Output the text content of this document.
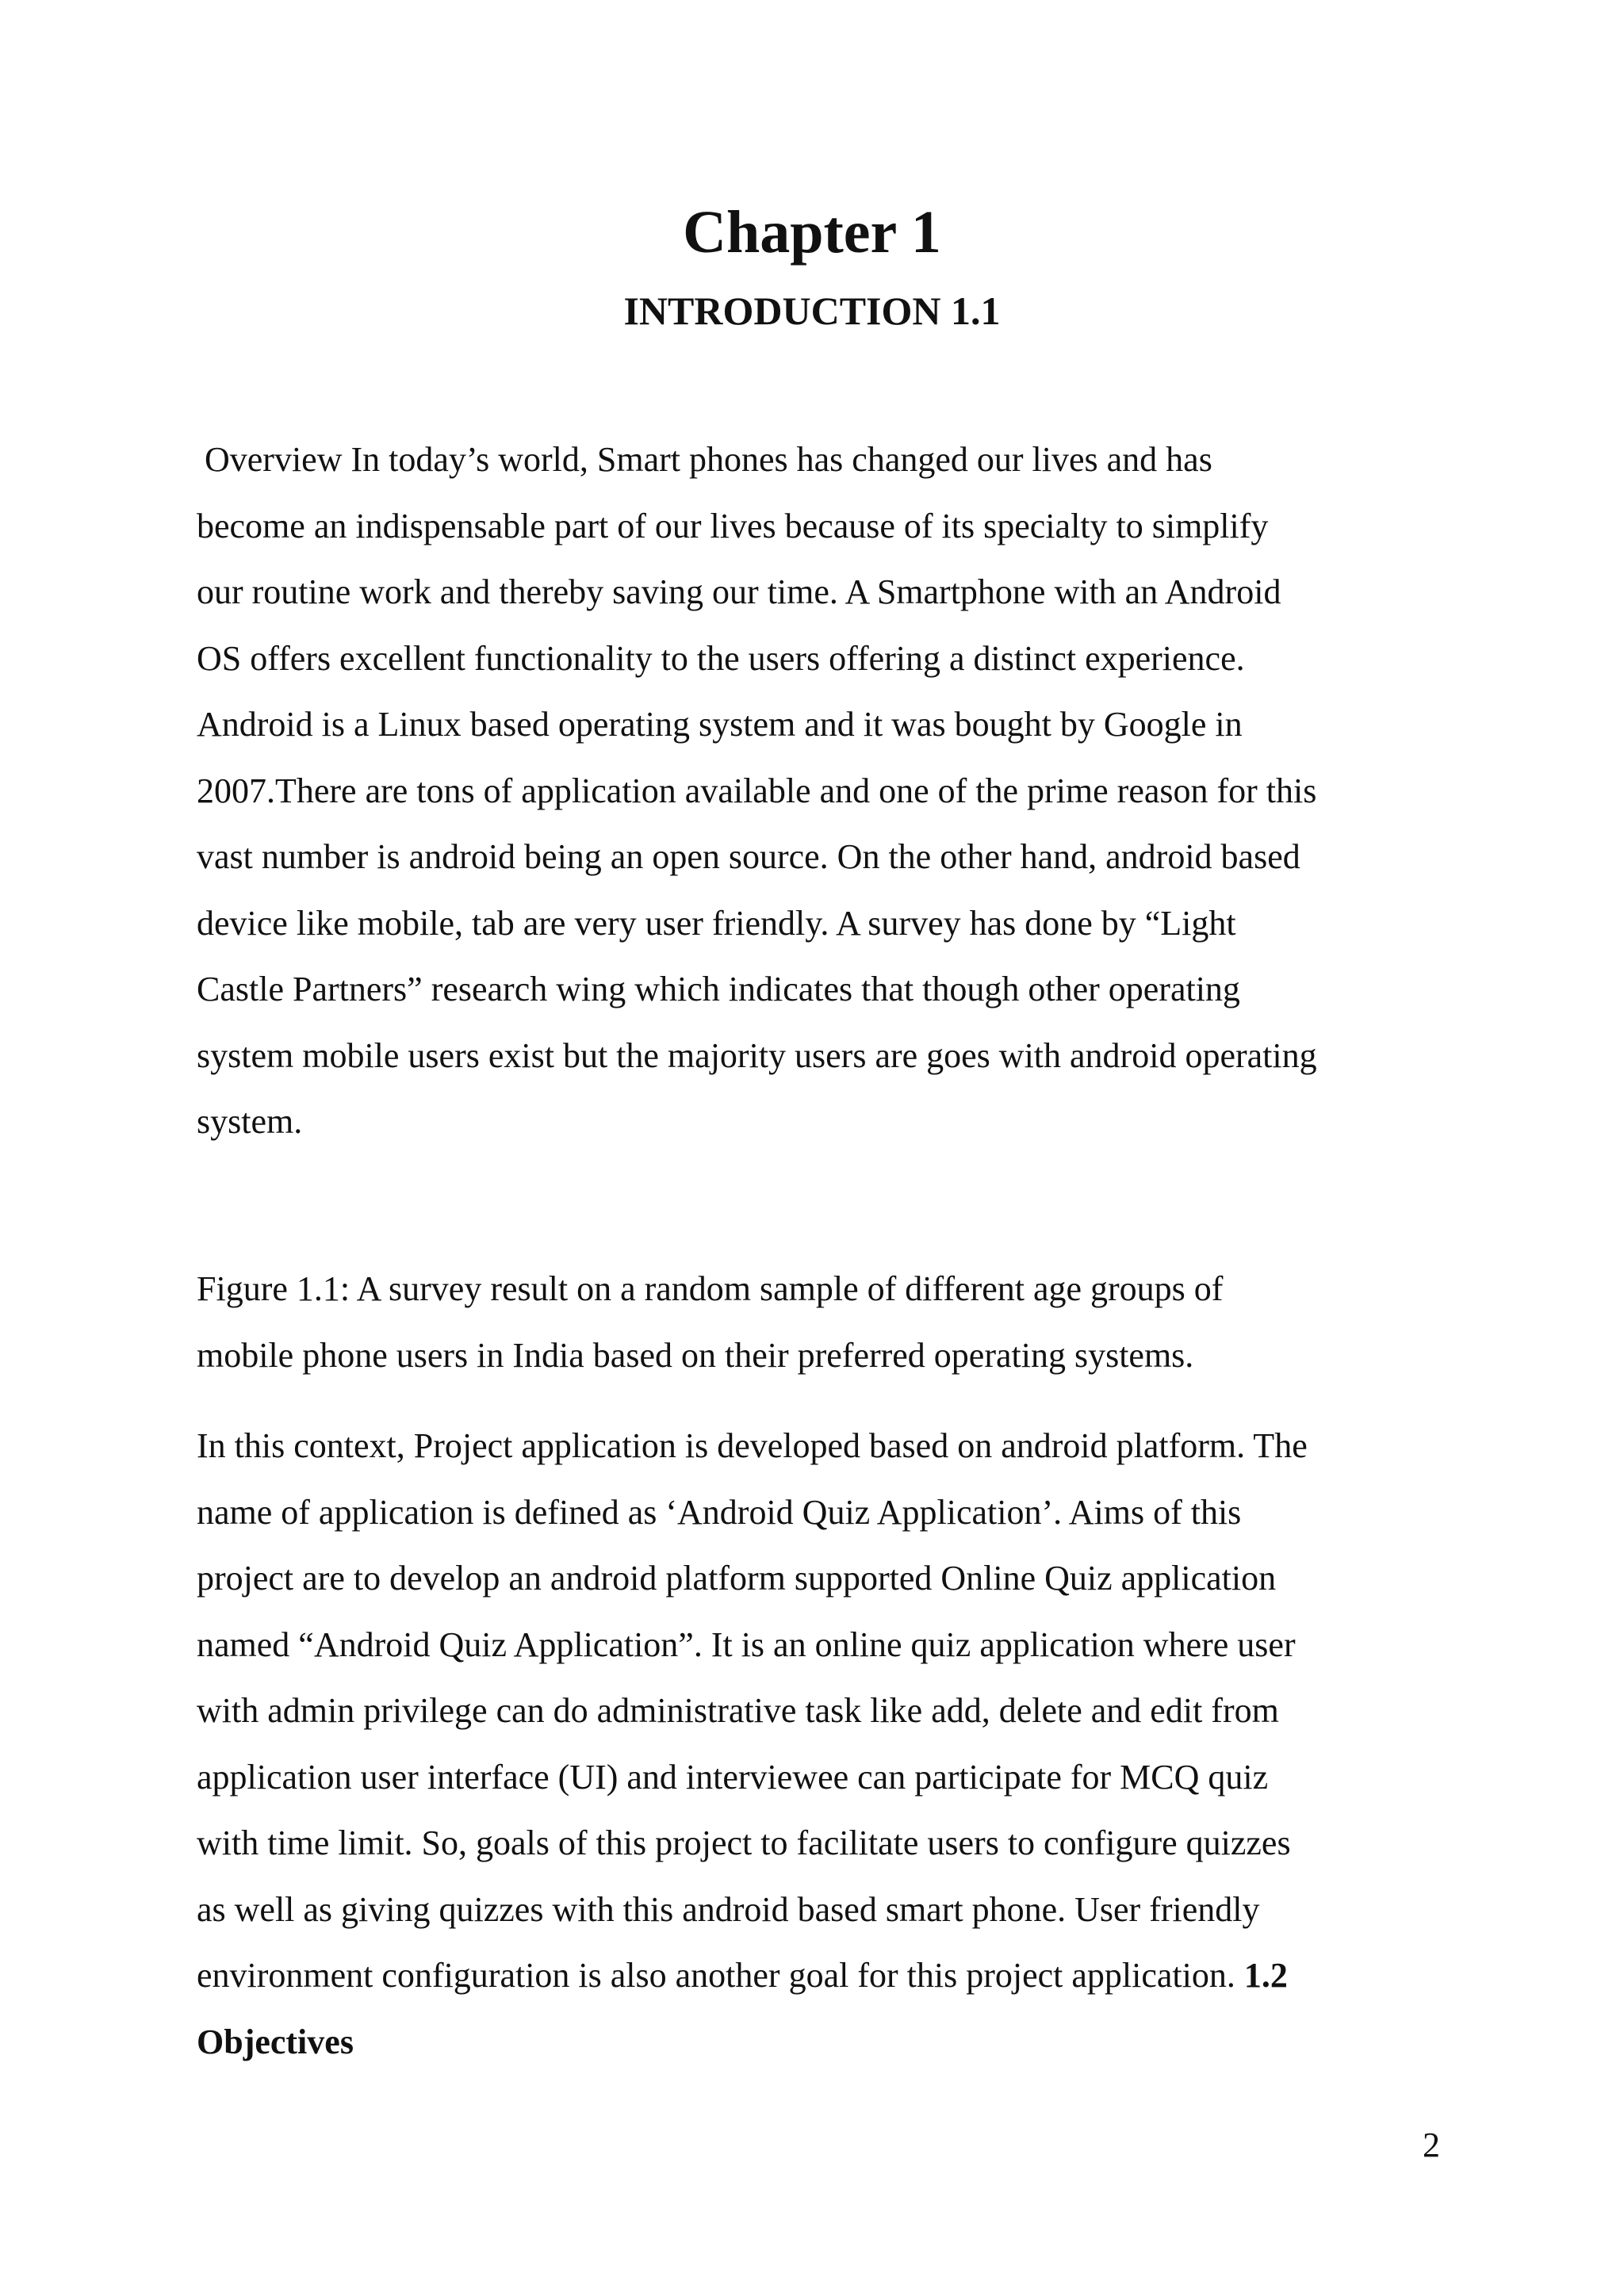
Chapter 1
INTRODUCTION 1.1

Overview In today’s world, Smart phones has changed our lives and has
become an indispensable part of our lives because of its specialty to simplify
our routine work and thereby saving our time. A Smartphone with an Android
OS offers excellent functionality to the users offering a distinct experience.
Android is a Linux based operating system and it was bought by Google in
2007.There are tons of application available and one of the prime reason for this
vast number is android being an open source. On the other hand, android based
device like mobile, tab are very user friendly. A survey has done by “Light
Castle Partners” research wing which indicates that though other operating
system mobile users exist but the majority users are goes with android operating
system.

Figure 1.1: A survey result on a random sample of different age groups of
mobile phone users in India based on their preferred operating systems.

In this context, Project application is developed based on android platform. The
name of application is defined as ‘Android Quiz Application’. Aims of this
project are to develop an android platform supported Online Quiz application
named “Android Quiz Application”. It is an online quiz application where user
with admin privilege can do administrative task like add, delete and edit from
application user interface (UI) and interviewee can participate for MCQ quiz
with time limit. So, goals of this project to facilitate users to configure quizzes
as well as giving quizzes with this android based smart phone. User friendly
environment configuration is also another goal for this project application. 1.2
Objectives

2
